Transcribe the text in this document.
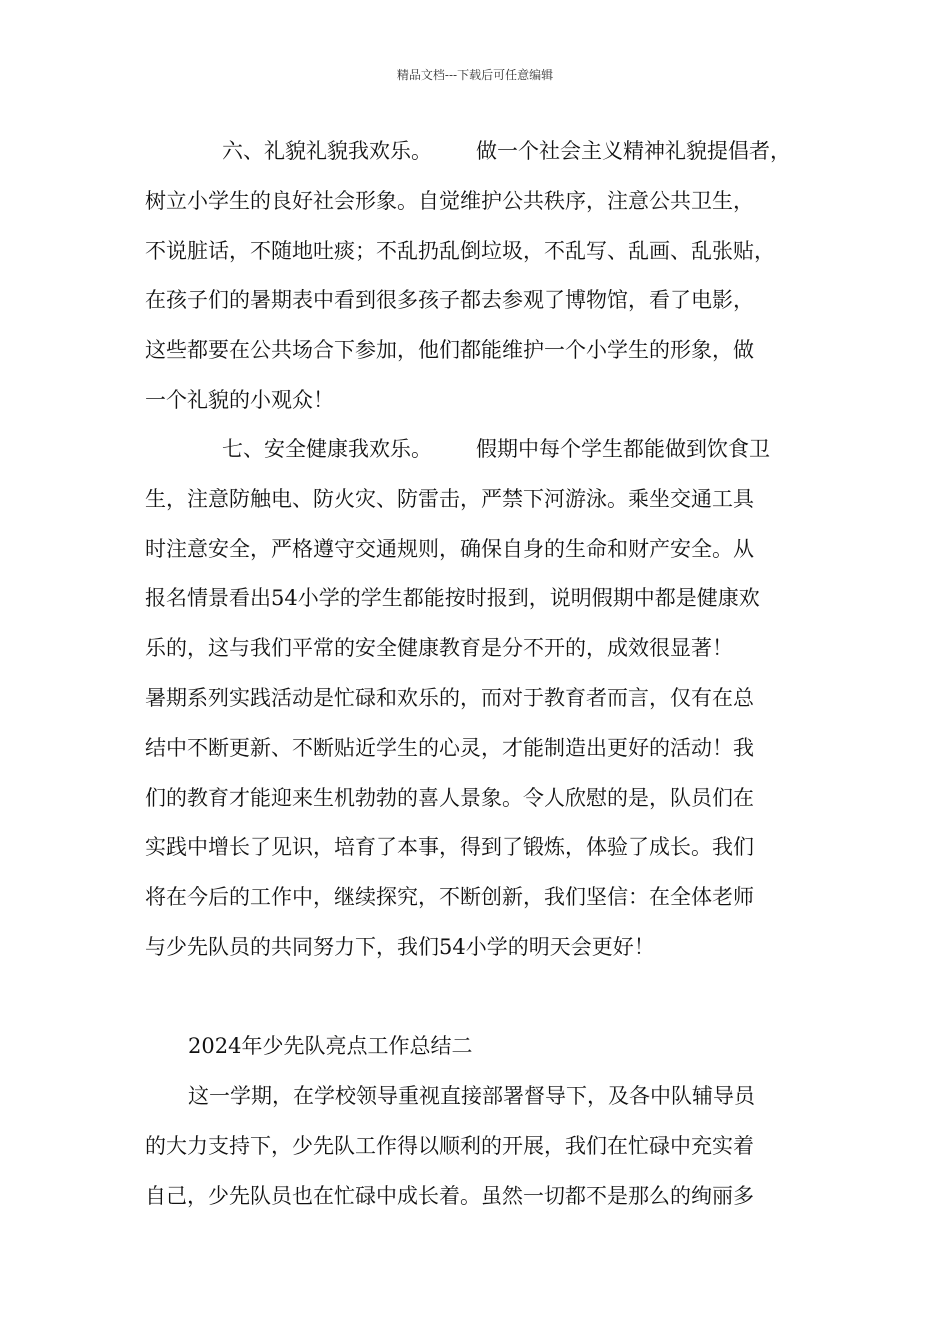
精品文档---下载后可任意编辑
六、礼貌礼貌我欢乐。 做一个社会主义精神礼貌提倡者，
树立小学生的良好社会形象。自觉维护公共秩序，注意公共卫生，
不说脏话，不随地吐痰；不乱扔乱倒垃圾，不乱写、乱画、乱张贴，
在孩子们的暑期表中看到很多孩子都去参观了博物馆，看了电影，
这些都要在公共场合下参加，他们都能维护一个小学生的形象，做
一个礼貌的小观众！
七、安全健康我欢乐。 假期中每个学生都能做到饮食卫
生，注意防触电、防火灾、防雷击，严禁下河游泳。乘坐交通工具
时注意安全，严格遵守交通规则，确保自身的生命和财产安全。从
报名情景看出54小学的学生都能按时报到，说明假期中都是健康欢
乐的，这与我们平常的安全健康教育是分不开的，成效很显著！
暑期系列实践活动是忙碌和欢乐的，而对于教育者而言，仅有在总
结中不断更新、不断贴近学生的心灵，才能制造出更好的活动！我
们的教育才能迎来生机勃勃的喜人景象。令人欣慰的是，队员们在
实践中增长了见识，培育了本事，得到了锻炼，体验了成长。我们
将在今后的工作中，继续探究，不断创新，我们坚信：在全体老师
与少先队员的共同努力下，我们54小学的明天会更好！
2024年少先队亮点工作总结二
这一学期，在学校领导重视直接部署督导下，及各中队辅导员
的大力支持下，少先队工作得以顺利的开展，我们在忙碌中充实着
自己，少先队员也在忙碌中成长着。虽然一切都不是那么的绚丽多
